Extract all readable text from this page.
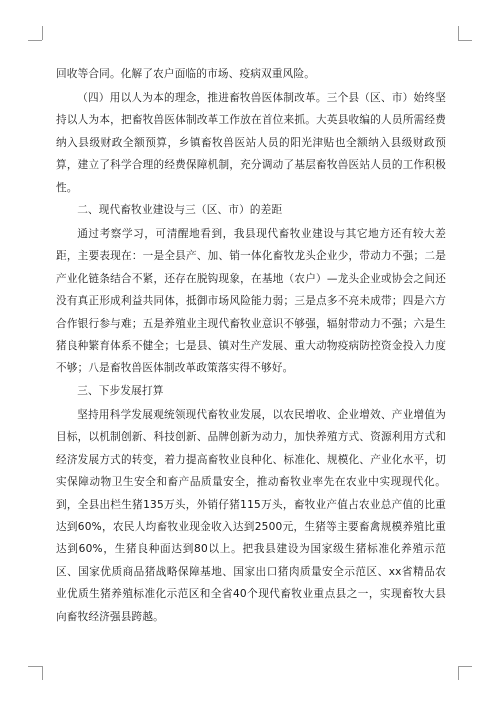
回收等合同。化解了农户面临的市场、疫病双重风险。

（四）用以人为本的理念，推进畜牧兽医体制改革。三个县（区、市）始终坚持以人为本，把畜牧兽医体制改革工作放在首位来抓。大英县收编的人员所需经费纳入县级财政全额预算，乡镇畜牧兽医站人员的阳光津贴也全额纳入县级财政预算，建立了科学合理的经费保障机制，充分调动了基层畜牧兽医站人员的工作积极性。

二、现代畜牧业建设与三（区、市）的差距

通过考察学习，可清醒地看到，我县现代畜牧业建设与其它地方还有较大差距，主要表现在：一是全县产、加、销一体化畜牧龙头企业少，带动力不强；二是产业化链条结合不紧，还存在脱钩现象，在基地（农户）—龙头企业或协会之间还没有真正形成利益共同体，抵御市场风险能力弱；三是点多不亮未成带；四是六方合作银行参与难；五是养殖业主现代畜牧业意识不够强，辐射带动力不强；六是生猪良种繁育体系不健全；七是县、镇对生产发展、重大动物疫病防控资金投入力度不够；八是畜牧兽医体制改革政策落实得不够好。

三、下步发展打算

坚持用科学发展观统领现代畜牧业发展，以农民增收、企业增效、产业增值为目标，以机制创新、科技创新、品牌创新为动力，加快养殖方式、资源利用方式和经济发展方式的转变，着力提高畜牧业良种化、标准化、规模化、产业化水平，切实保障动物卫生安全和畜产品质量安全，推动畜牧业率先在农业中实现现代化。到，全县出栏生猪135万头，外销仔猪115万头，畜牧业产值占农业总产值的比重达到60%，农民人均畜牧业现金收入达到2500元，生猪等主要畜禽规模养殖比重达到60%，生猪良种面达到80以上。把我县建设为国家级生猪标准化养殖示范区、国家优质商品猪战略保障基地、国家出口猪肉质量安全示范区、xx省精品农业优质生猪养殖标准化示范区和全省40个现代畜牧业重点县之一，实现畜牧大县向畜牧经济强县跨越。
